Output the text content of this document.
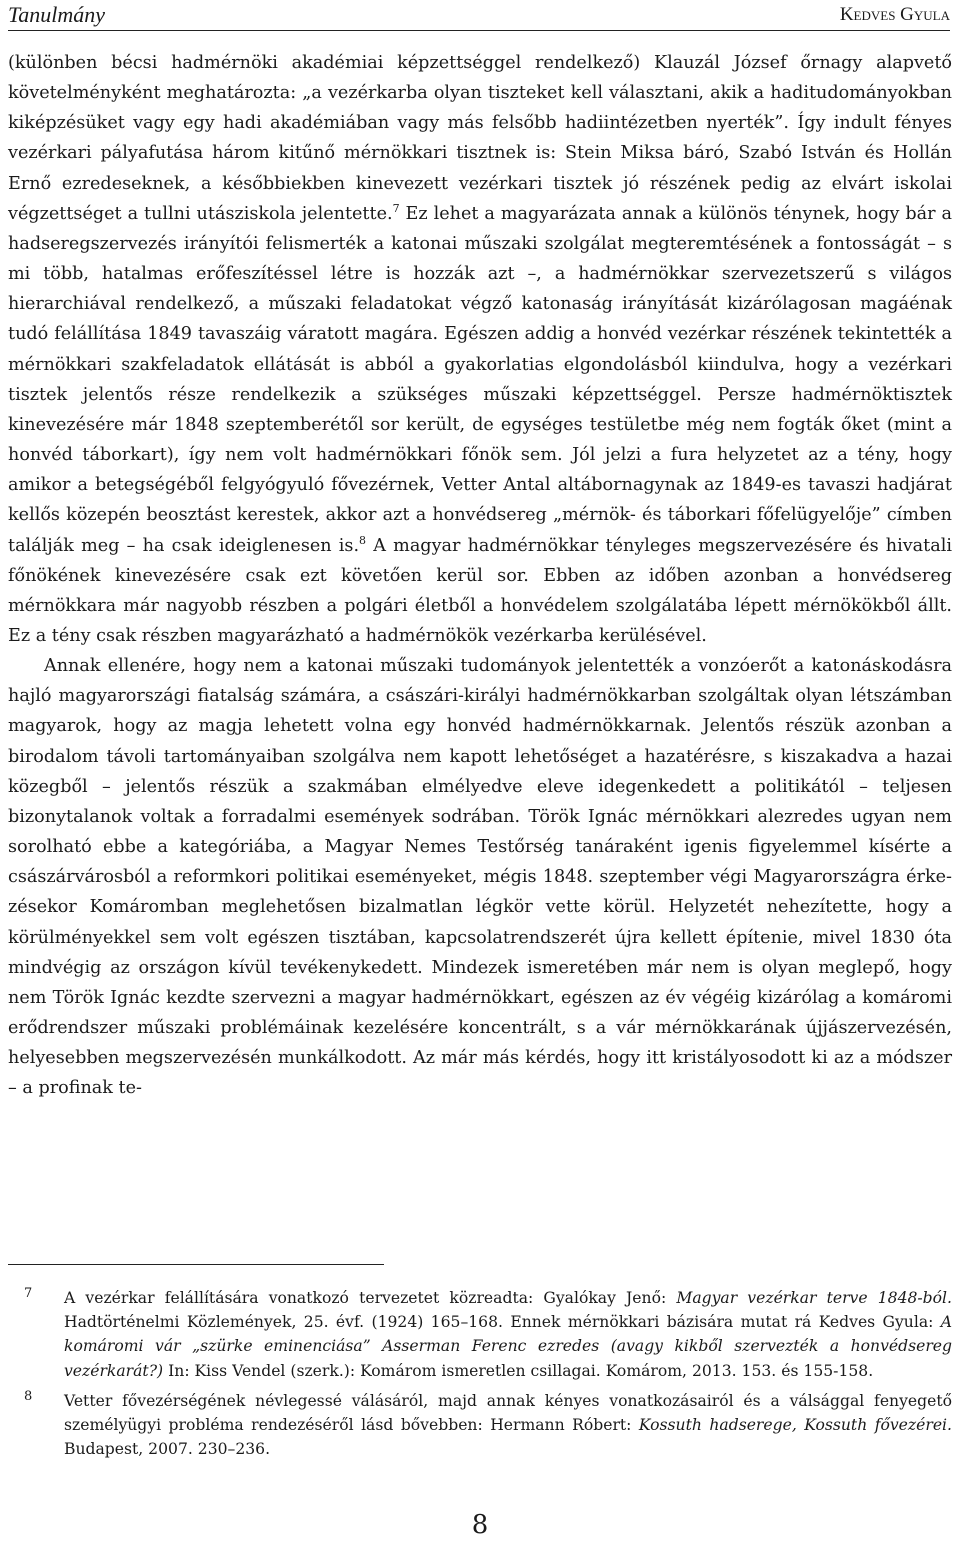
Tanulmány	Kedves Gyula

(különben bécsi hadmérnöki akadémiai képzettséggel rendelkező) Klauzál József őrnagy alapvető követelményként meghatározta: „a vezérkarba olyan tiszteket kell választani, akik a haditudományokban kiképzésüket vagy egy hadi akadémiában vagy más felsőbb hadiintézetben nyerték”. Így indult fényes vezérkari pályafutása három kitűnő mérnökkari tisztnek is: Stein Miksa báró, Szabó István és Hollán Ernő ezredeseknek, a későbbiekben kinevezett vezérkari tisztek jó részének pedig az elvárt iskolai végzettséget a tullni utásziskola jelentette.$^7$ Ez lehet a magyarázata annak a különös ténynek, hogy bár a hadseregszervezés irányítói felismerték a katonai műszaki szolgálat megteremtésének a fontosságát – s mi több, hatalmas erőfeszítéssel létre is hozzák azt –, a hadmérnökkar szervezetszerű s világos hierarchiával rendelkező, a műszaki feladatokat végző katonaság irányítását kizárólagosan magáénak tudó felállítása 1849 tavaszáig váratott magára. Egészen addig a honvéd vezérkar részének tekintették a mérnökkari szakfeladatok ellátását is abból a gyakorlatias elgondolásból kiindulva, hogy a vezérkari tisztek jelentős része rendelkezik a szükséges műszaki képzettséggel. Persze hadmérnöktisztek kinevezésére már 1848 szeptemberétől sor került, de egységes testületbe még nem fogták őket (mint a honvéd táborkart), így nem volt hadmérnökkari főnök sem. Jól jelzi a fura helyzetet az a tény, hogy amikor a betegségéből felgyógyuló fővezérnek, Vetter Antal altábornagynak az 1849-es tavaszi hadjárat kellős közepén beosztást kerestek, akkor azt a honvédsereg „mérnök- és táborkari főfelügyelője” címben találják meg – ha csak ideiglenesen is.$^8$ A magyar hadmérnökkar tényleges megszervezésére és hivatali főnökének kinevezésére csak ezt követően kerül sor. Ebben az időben azonban a honvédsereg mérnökkara már nagyobb részben a polgári életből a honvédelem szolgálatába lépett mérnökökből állt. Ez a tény csak részben magyarázható a hadmérnökök vezérkarba kerülésével.

Annak ellenére, hogy nem a katonai műszaki tudományok jelentették a vonzóerőt a katonáskodásra hajló magyarországi fiatalság számára, a császári-királyi hadmérnökkarban szolgáltak olyan létszámban magyarok, hogy az magja lehetett volna egy honvéd hadmérnökkarnak. Jelentős részük azonban a birodalom távoli tartományaiban szolgálva nem kapott lehetőséget a hazatérésre, s kiszakadva a hazai közegből – jelentős részük a szakmában elmélyedve eleve idegenkedett a politikától – teljesen bizonytalanok voltak a forradalmi események sodrában. Török Ignác mérnökkari alezredes ugyan nem sorolható ebbe a kategóriába, a Magyar Nemes Testőrség tanáraként igenis figyelemmel kísérte a császárvárosból a reformkori politikai eseményeket, mégis 1848. szeptember végi Magyarországra érkezésekor Komáromban meglehetősen bizalmatlan légkör vette körül. Helyzetét nehezítette, hogy a körülményekkel sem volt egészen tisztában, kapcsolatrendszerét újra kellett építenie, mivel 1830 óta mindvégig az országon kívül tevékenykedett. Mindezek ismeretében már nem is olyan meglepő, hogy nem Török Ignác kezdte szervezni a magyar hadmérnökkart, egészen az év végéig kizárólag a komáromi erődrendszer műszaki problémáinak kezelésére koncentrált, s a vár mérnökkarának újjászervezésén, helyesebben megszervezésén munkálkodott. Az már más kérdés, hogy itt kristályosodott ki az a módszer – a profinak te-

7 A vezérkar felállítására vonatkozó tervezetet közreadta: Gyalókay Jenő: Magyar vezérkar terve 1848-ból. Hadtörténelmi Közlemények, 25. évf. (1924) 165–168. Ennek mérnökkari bázisára mutat rá Kedves Gyula: A komáromi vár „szürke eminenciása” Asserman Ferenc ezredes (avagy kikből szervezték a honvédsereg vezérkarát?) In: Kiss Vendel (szerk.): Komárom ismeretlen csillagai. Komárom, 2013. 153. és 155-158.
8 Vetter fővezérségének névlegessé válásáról, majd annak kényes vonatkozásairól és a válsággal fenyegető személyügyi probléma rendezéséről lásd bővebben: Hermann Róbert: Kossuth hadserege, Kossuth fővezérei. Budapest, 2007. 230–236.
8
